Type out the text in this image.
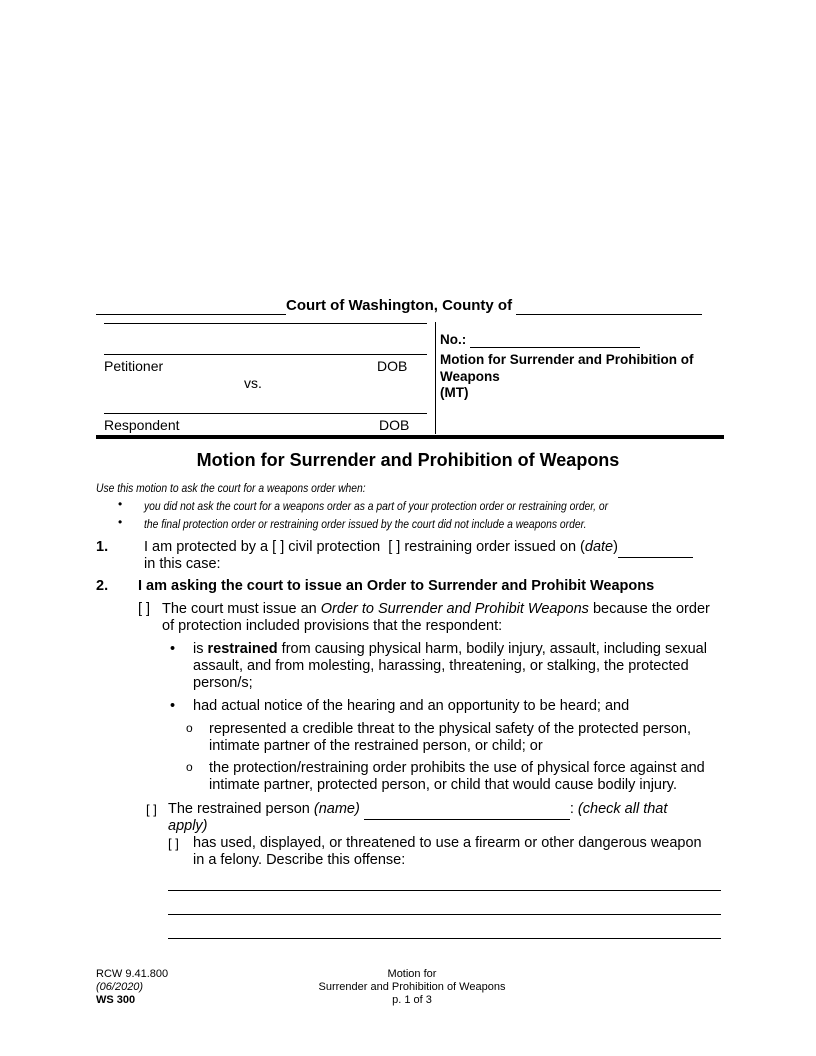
Court of Washington, County of
Petitioner	DOB
vs.
Respondent	DOB
No.:
Motion for Surrender and Prohibition of Weapons
(MT)
Motion for Surrender and Prohibition of Weapons
Use this motion to ask the court for a weapons order when:
• you did not ask the court for a weapons order as a part of your protection order or restraining order, or
• the final protection order or restraining order issued by the court did not include a weapons order.
1. I am protected by a [ ] civil protection [ ] restraining order issued on (date)
in this case:
2. I am asking the court to issue an Order to Surrender and Prohibit Weapons
[ ] The court must issue an Order to Surrender and Prohibit Weapons because the order
of protection included provisions that the respondent:
• is restrained from causing physical harm, bodily injury, assault, including sexual
assault, and from molesting, harassing, threatening, or stalking, the protected
person/s;
• had actual notice of the hearing and an opportunity to be heard; and
o represented a credible threat to the physical safety of the protected person,
intimate partner of the restrained person, or child; or
o the protection/restraining order prohibits the use of physical force against and
intimate partner, protected person, or child that would cause bodily injury.
[ ] The restrained person (name)	: (check all that
apply)
[ ] has used, displayed, or threatened to use a firearm or other dangerous weapon
in a felony. Describe this offense:
RCW 9.41.800
(06/2020)
WS 300
Motion for
Surrender and Prohibition of Weapons
p. 1 of 3
